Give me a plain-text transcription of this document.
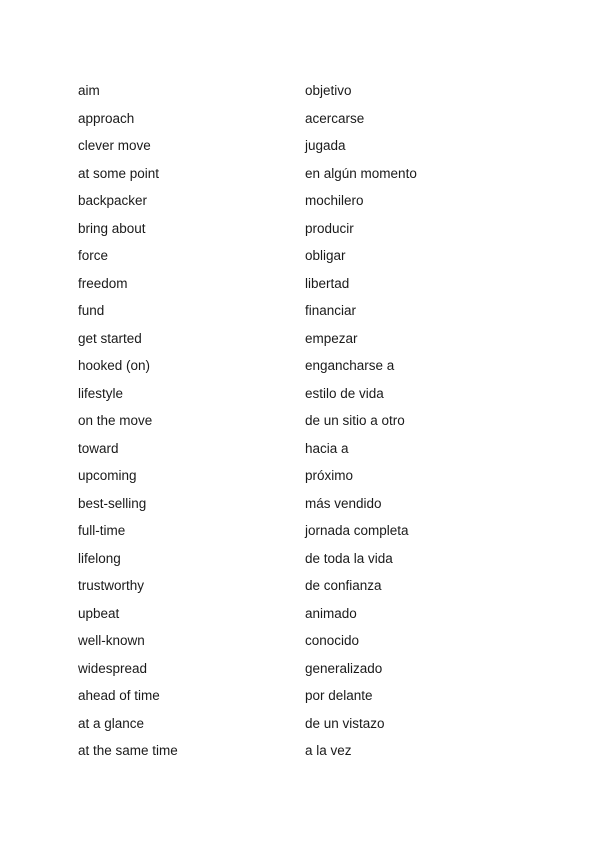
aim	objetivo
approach	acercarse
clever move	jugada
at some point	en algún momento
backpacker	mochilero
bring about	producir
force	obligar
freedom	libertad
fund	financiar
get started	empezar
hooked (on)	engancharse a
lifestyle	estilo de vida
on the move	de un sitio a otro
toward	hacia a
upcoming	próximo
best-selling	más vendido
full-time	jornada completa
lifelong	de toda la vida
trustworthy	de confianza
upbeat	animado
well-known	conocido
widespread	generalizado
ahead of time	por delante
at a glance	de un vistazo
at the same time	a la vez
